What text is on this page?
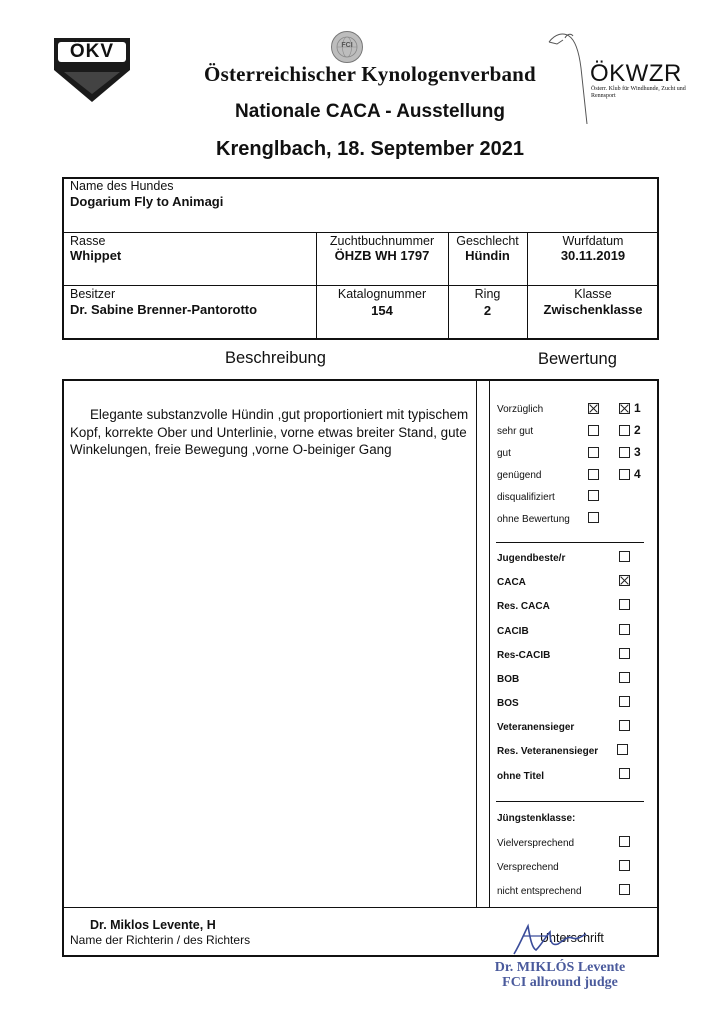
ÖKV	FCI
ÖKWZR
Österr. Klub für Windhunde, Zucht und Rennsport
Österreichischer Kynologenverband
Nationale CACA - Ausstellung
Krenglbach, 18. September 2021
Name des Hundes
Dogarium Fly to Animagi
Rasse
Whippet
Zuchtbuchnummer
ÖHZB WH 1797
Geschlecht
Hündin
Wurfdatum
30.11.2019
Besitzer
Dr. Sabine Brenner-Pantorotto
Katalognummer
154
Ring
2
Klasse
Zwischenklasse
Beschreibung	Bewertung
Elegante substanzvolle Hündin ,gut proportioniert mit typischem Kopf, korrekte Ober und Unterlinie, vorne etwas breiter Stand, gute Winkelungen, freie Bewegung ,vorne O-beiniger Gang
Vorzüglich	1
sehr gut	2
gut	3
genügend	4
disqualifiziert
ohne Bewertung
Jugendbeste/r
CACA
Res. CACA
CACIB
Res-CACIB
BOB
BOS
Veteranensieger
Res. Veteranensieger
ohne Titel
Jüngstenklasse:
Vielversprechend
Versprechend
nicht entsprechend
Dr. Miklos Levente, H
Name der Richterin / des Richters	Unterschrift
Dr. MIKLÓS Levente
FCI allround judge
